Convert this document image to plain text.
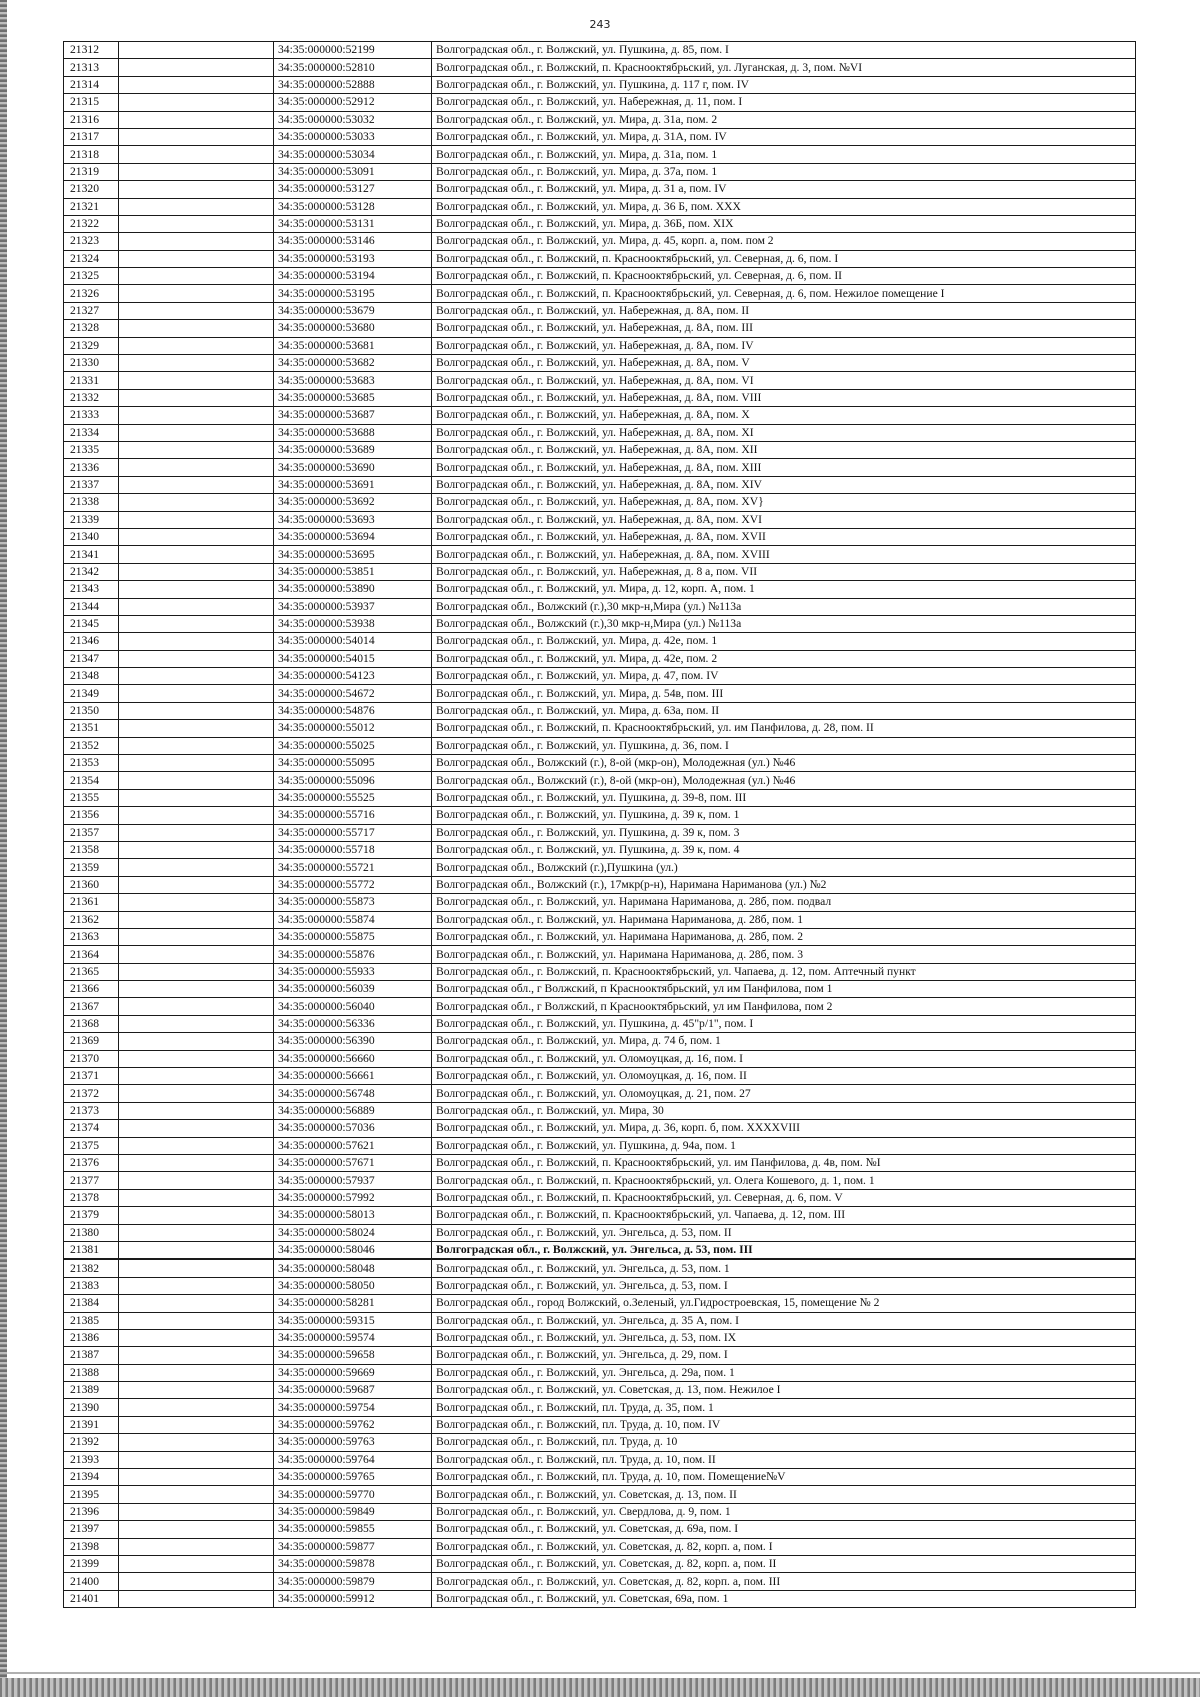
243
21312		34:35:000000:52199	Волгоградская обл., г. Волжский, ул. Пушкина, д. 85, пом. I
21313		34:35:000000:52810	Волгоградская обл., г. Волжский, п. Краснооктябрьский, ул. Луганская, д. 3, пом. №VI
21314		34:35:000000:52888	Волгоградская обл., г. Волжский, ул. Пушкина, д. 117 г, пом. IV
21315		34:35:000000:52912	Волгоградская обл., г. Волжский, ул. Набережная, д. 11, пом. I
21316		34:35:000000:53032	Волгоградская обл., г. Волжский, ул. Мира, д. 31а, пом. 2
21317		34:35:000000:53033	Волгоградская обл., г. Волжский, ул. Мира, д. 31А, пом. IV
21318		34:35:000000:53034	Волгоградская обл., г. Волжский, ул. Мира, д. 31а, пом. 1
21319		34:35:000000:53091	Волгоградская обл., г. Волжский, ул. Мира, д. 37а, пом. 1
21320		34:35:000000:53127	Волгоградская обл., г. Волжский, ул. Мира, д. 31 а, пом. IV
21321		34:35:000000:53128	Волгоградская обл., г. Волжский, ул. Мира, д. 36 Б, пом. XXX
21322		34:35:000000:53131	Волгоградская обл., г. Волжский, ул. Мира, д. 36Б, пом. XIX
21323		34:35:000000:53146	Волгоградская обл., г. Волжский, ул. Мира, д. 45, корп. а, пом. пом 2
21324		34:35:000000:53193	Волгоградская обл., г. Волжский, п. Краснооктябрьский, ул. Северная, д. 6, пом. I
21325		34:35:000000:53194	Волгоградская обл., г. Волжский, п. Краснооктябрьский, ул. Северная, д. 6, пом. II
21326		34:35:000000:53195	Волгоградская обл., г. Волжский, п. Краснооктябрьский, ул. Северная, д. 6, пом. Нежилое помещение I
21327		34:35:000000:53679	Волгоградская обл., г. Волжский, ул. Набережная, д. 8А, пом. II
21328		34:35:000000:53680	Волгоградская обл., г. Волжский, ул. Набережная, д. 8А, пом. III
21329		34:35:000000:53681	Волгоградская обл., г. Волжский, ул. Набережная, д. 8А, пом. IV
21330		34:35:000000:53682	Волгоградская обл., г. Волжский, ул. Набережная, д. 8А, пом. V
21331		34:35:000000:53683	Волгоградская обл., г. Волжский, ул. Набережная, д. 8А, пом. VI
21332		34:35:000000:53685	Волгоградская обл., г. Волжский, ул. Набережная, д. 8А, пом. VIII
21333		34:35:000000:53687	Волгоградская обл., г. Волжский, ул. Набережная, д. 8А, пом. X
21334		34:35:000000:53688	Волгоградская обл., г. Волжский, ул. Набережная, д. 8А, пом. XI
21335		34:35:000000:53689	Волгоградская обл., г. Волжский, ул. Набережная, д. 8А, пом. XII
21336		34:35:000000:53690	Волгоградская обл., г. Волжский, ул. Набережная, д. 8А, пом. XIII
21337		34:35:000000:53691	Волгоградская обл., г. Волжский, ул. Набережная, д. 8А, пом. XIV
21338		34:35:000000:53692	Волгоградская обл., г. Волжский, ул. Набережная, д. 8А, пом. XV}
21339		34:35:000000:53693	Волгоградская обл., г. Волжский, ул. Набережная, д. 8А, пом. XVI
21340		34:35:000000:53694	Волгоградская обл., г. Волжский, ул. Набережная, д. 8А, пом. XVII
21341		34:35:000000:53695	Волгоградская обл., г. Волжский, ул. Набережная, д. 8А, пом. XVIII
21342		34:35:000000:53851	Волгоградская обл., г. Волжский, ул. Набережная, д. 8 а, пом. VII
21343		34:35:000000:53890	Волгоградская обл., г. Волжский, ул. Мира, д. 12, корп. А, пом. 1
21344		34:35:000000:53937	Волгоградская обл., Волжский (г.),30 мкр-н,Мира (ул.) №113а
21345		34:35:000000:53938	Волгоградская обл., Волжский (г.),30 мкр-н,Мира (ул.) №113а
21346		34:35:000000:54014	Волгоградская обл., г. Волжский, ул. Мира, д. 42е, пом. 1
21347		34:35:000000:54015	Волгоградская обл., г. Волжский, ул. Мира, д. 42е, пом. 2
21348		34:35:000000:54123	Волгоградская обл., г. Волжский, ул. Мира, д. 47, пом. IV
21349		34:35:000000:54672	Волгоградская обл., г. Волжский, ул. Мира, д. 54в, пом. III
21350		34:35:000000:54876	Волгоградская обл., г. Волжский, ул. Мира, д. 63а, пом. II
21351		34:35:000000:55012	Волгоградская обл., г. Волжский, п. Краснооктябрьский, ул. им Панфилова, д. 28, пом. II
21352		34:35:000000:55025	Волгоградская обл., г. Волжский, ул. Пушкина, д. 36, пом. I
21353		34:35:000000:55095	Волгоградская обл., Волжский (г.), 8-ой (мкр-он), Молодежная (ул.) №46
21354		34:35:000000:55096	Волгоградская обл., Волжский (г.), 8-ой (мкр-он), Молодежная (ул.) №46
21355		34:35:000000:55525	Волгоградская обл., г. Волжский, ул. Пушкина, д. 39-8, пом. III
21356		34:35:000000:55716	Волгоградская обл., г. Волжский, ул. Пушкина, д. 39 к, пом. 1
21357		34:35:000000:55717	Волгоградская обл., г. Волжский, ул. Пушкина, д. 39 к, пом. 3
21358		34:35:000000:55718	Волгоградская обл., г. Волжский, ул. Пушкина, д. 39 к, пом. 4
21359		34:35:000000:55721	Волгоградская обл., Волжский (г.),Пушкина (ул.)
21360		34:35:000000:55772	Волгоградская обл., Волжский (г.), 17мкр(р-н), Наримана Нариманова (ул.) №2
21361		34:35:000000:55873	Волгоградская обл., г. Волжский, ул. Наримана Нариманова, д. 28б, пом. подвал
21362		34:35:000000:55874	Волгоградская обл., г. Волжский, ул. Наримана Нариманова, д. 28б, пом. 1
21363		34:35:000000:55875	Волгоградская обл., г. Волжский, ул. Наримана Нариманова, д. 28б, пом. 2
21364		34:35:000000:55876	Волгоградская обл., г. Волжский, ул. Наримана Нариманова, д. 28б, пом. 3
21365		34:35:000000:55933	Волгоградская обл., г. Волжский, п. Краснооктябрьский, ул. Чапаева, д. 12, пом. Аптечный пункт
21366		34:35:000000:56039	Волгоградская обл., г Волжский, п Краснооктябрьский, ул им Панфилова, пом 1
21367		34:35:000000:56040	Волгоградская обл., г Волжский, п Краснооктябрьский, ул им Панфилова, пом 2
21368		34:35:000000:56336	Волгоградская обл., г. Волжский, ул. Пушкина, д. 45"р/1", пом. I
21369		34:35:000000:56390	Волгоградская обл., г. Волжский, ул. Мира, д. 74 б, пом. 1
21370		34:35:000000:56660	Волгоградская обл., г. Волжский, ул. Оломоуцкая, д. 16, пом. I
21371		34:35:000000:56661	Волгоградская обл., г. Волжский, ул. Оломоуцкая, д. 16, пом. II
21372		34:35:000000:56748	Волгоградская обл., г. Волжский, ул. Оломоуцкая, д. 21, пом. 27
21373		34:35:000000:56889	Волгоградская обл., г. Волжский, ул. Мира, 30
21374		34:35:000000:57036	Волгоградская обл., г. Волжский, ул. Мира, д. 36, корп. б, пом. XXXXVIII
21375		34:35:000000:57621	Волгоградская обл., г. Волжский, ул. Пушкина, д. 94а, пом. 1
21376		34:35:000000:57671	Волгоградская обл., г. Волжский, п. Краснооктябрьский, ул. им Панфилова, д. 4в, пом. №I
21377		34:35:000000:57937	Волгоградская обл., г. Волжский, п. Краснооктябрьский, ул. Олега Кошевого, д. 1, пом. 1
21378		34:35:000000:57992	Волгоградская обл., г. Волжский, п. Краснооктябрьский, ул. Северная, д. 6, пом. V
21379		34:35:000000:58013	Волгоградская обл., г. Волжский, п. Краснооктябрьский, ул. Чапаева, д. 12, пом. III
21380		34:35:000000:58024	Волгоградская обл., г. Волжский, ул. Энгельса, д. 53, пом. II
21381		34:35:000000:58046	Волгоградская обл., г. Волжский, ул. Энгельса, д. 53, пом. III
21382		34:35:000000:58048	Волгоградская обл., г. Волжский, ул. Энгельса, д. 53, пом. 1
21383		34:35:000000:58050	Волгоградская обл., г. Волжский, ул. Энгельса, д. 53, пом. I
21384		34:35:000000:58281	Волгоградская обл., город Волжский, о.Зеленый, ул.Гидростроевская, 15, помещение № 2
21385		34:35:000000:59315	Волгоградская обл., г. Волжский, ул. Энгельса, д. 35 А, пом. I
21386		34:35:000000:59574	Волгоградская обл., г. Волжский, ул. Энгельса, д. 53, пом. IX
21387		34:35:000000:59658	Волгоградская обл., г. Волжский, ул. Энгельса, д. 29, пом. I
21388		34:35:000000:59669	Волгоградская обл., г. Волжский, ул. Энгельса, д. 29а, пом. 1
21389		34:35:000000:59687	Волгоградская обл., г. Волжский, ул. Советская, д. 13, пом. Нежилое I
21390		34:35:000000:59754	Волгоградская обл., г. Волжский, пл. Труда, д. 35, пом. 1
21391		34:35:000000:59762	Волгоградская обл., г. Волжский, пл. Труда, д. 10, пом. IV
21392		34:35:000000:59763	Волгоградская обл., г. Волжский, пл. Труда, д. 10
21393		34:35:000000:59764	Волгоградская обл., г. Волжский, пл. Труда, д. 10, пом. II
21394		34:35:000000:59765	Волгоградская обл., г. Волжский, пл. Труда, д. 10, пом. Помещение№V
21395		34:35:000000:59770	Волгоградская обл., г. Волжский, ул. Советская, д. 13, пом. II
21396		34:35:000000:59849	Волгоградская обл., г. Волжский, ул. Свердлова, д. 9, пом. 1
21397		34:35:000000:59855	Волгоградская обл., г. Волжский, ул. Советская, д. 69а, пом. I
21398		34:35:000000:59877	Волгоградская обл., г. Волжский, ул. Советская, д. 82, корп. а, пом. I
21399		34:35:000000:59878	Волгоградская обл., г. Волжский, ул. Советская, д. 82, корп. а, пом. II
21400		34:35:000000:59879	Волгоградская обл., г. Волжский, ул. Советская, д. 82, корп. а, пом. III
21401		34:35:000000:59912	Волгоградская обл., г. Волжский, ул. Советская, 69а, пом. 1
